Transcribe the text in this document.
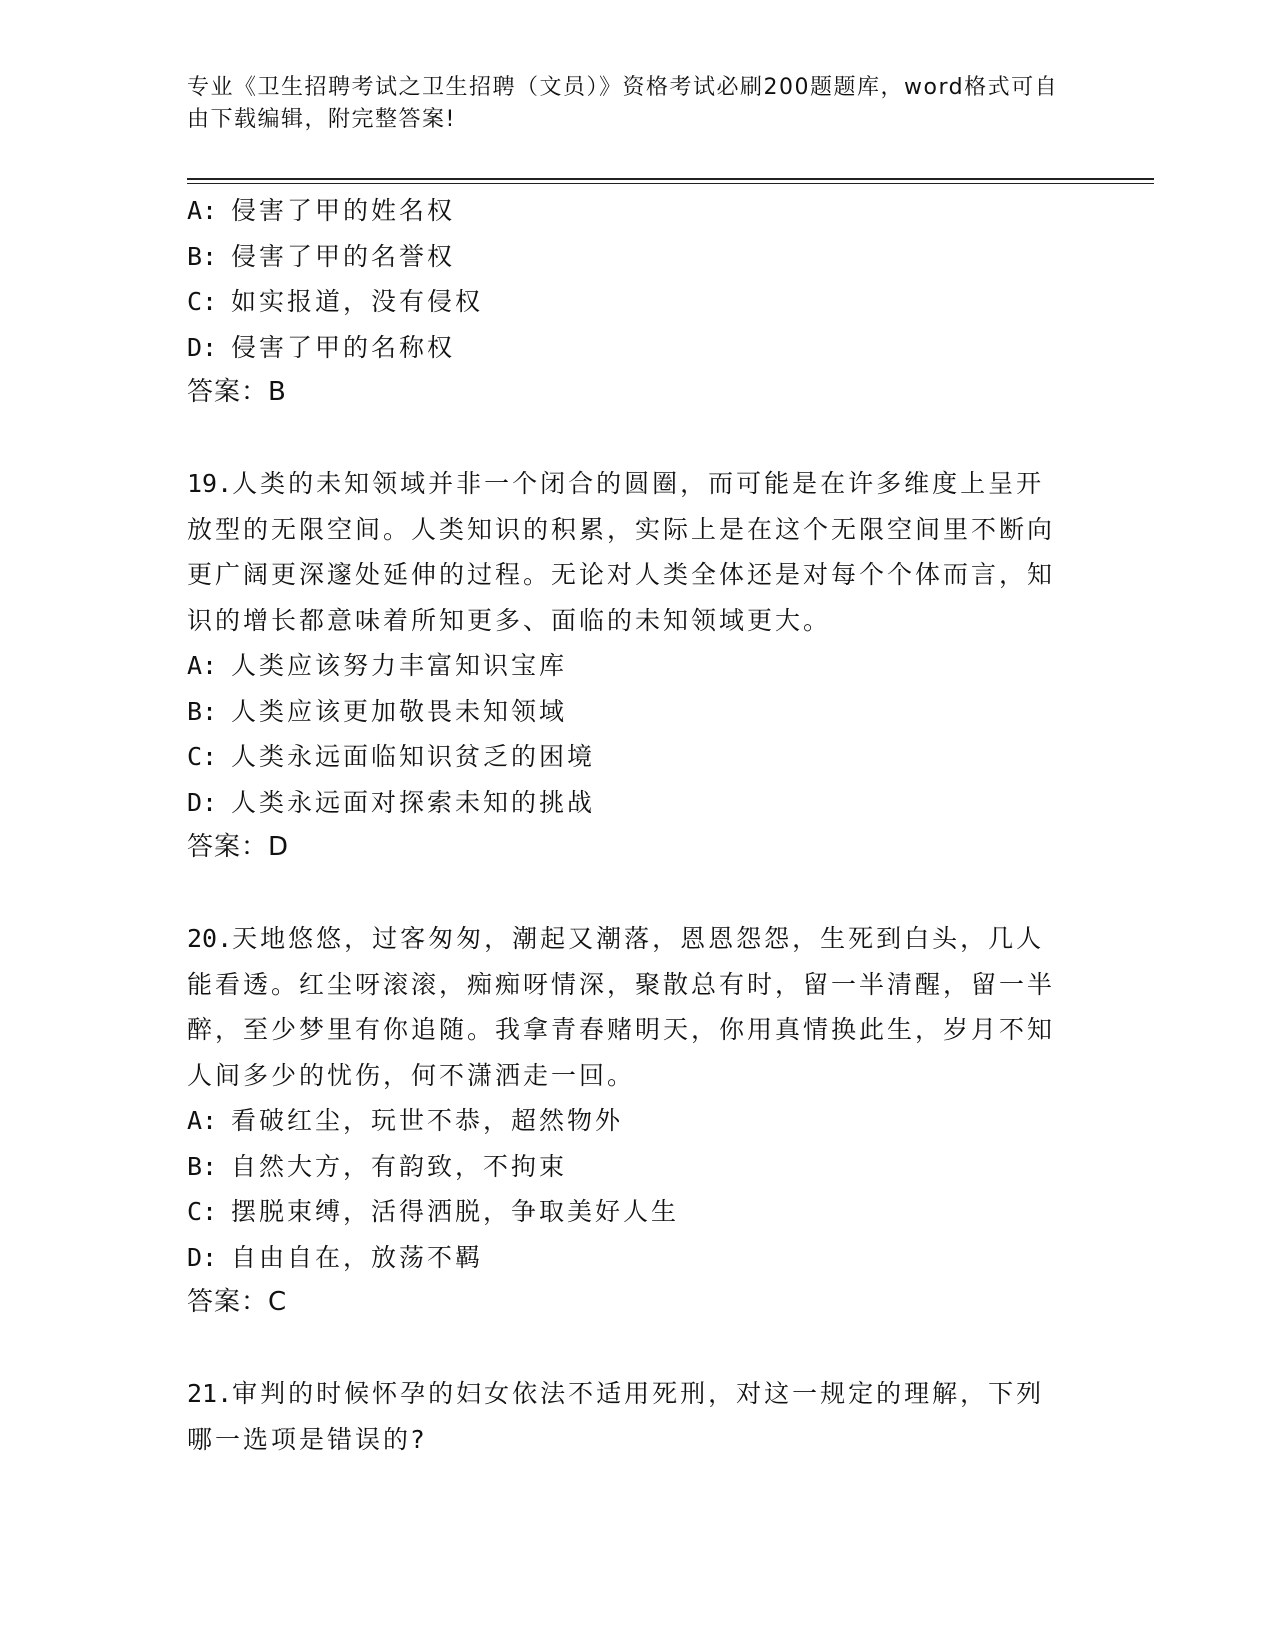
专业《卫生招聘考试之卫生招聘（文员）》资格考试必刷200题题库，word格式可自由下载编辑，附完整答案!
A: 侵害了甲的姓名权
B: 侵害了甲的名誉权
C: 如实报道，没有侵权
D: 侵害了甲的名称权
答案：B
19.人类的未知领域并非一个闭合的圆圈，而可能是在许多维度上呈开放型的无限空间。人类知识的积累，实际上是在这个无限空间里不断向更广阔更深邃处延伸的过程。无论对人类全体还是对每个个体而言，知识的增长都意味着所知更多、面临的未知领域更大。
A: 人类应该努力丰富知识宝库
B: 人类应该更加敬畏未知领域
C: 人类永远面临知识贫乏的困境
D: 人类永远面对探索未知的挑战
答案：D
20.天地悠悠，过客匆匆，潮起又潮落，恩恩怨怨，生死到白头，几人能看透。红尘呀滚滚，痴痴呀情深，聚散总有时，留一半清醒，留一半醉，至少梦里有你追随。我拿青春赌明天，你用真情换此生，岁月不知人间多少的忧伤，何不潇洒走一回。
A: 看破红尘，玩世不恭，超然物外
B: 自然大方，有韵致，不拘束
C: 摆脱束缚，活得洒脱，争取美好人生
D: 自由自在，放荡不羁
答案：C
21.审判的时候怀孕的妇女依法不适用死刑，对这一规定的理解，下列哪一选项是错误的?
